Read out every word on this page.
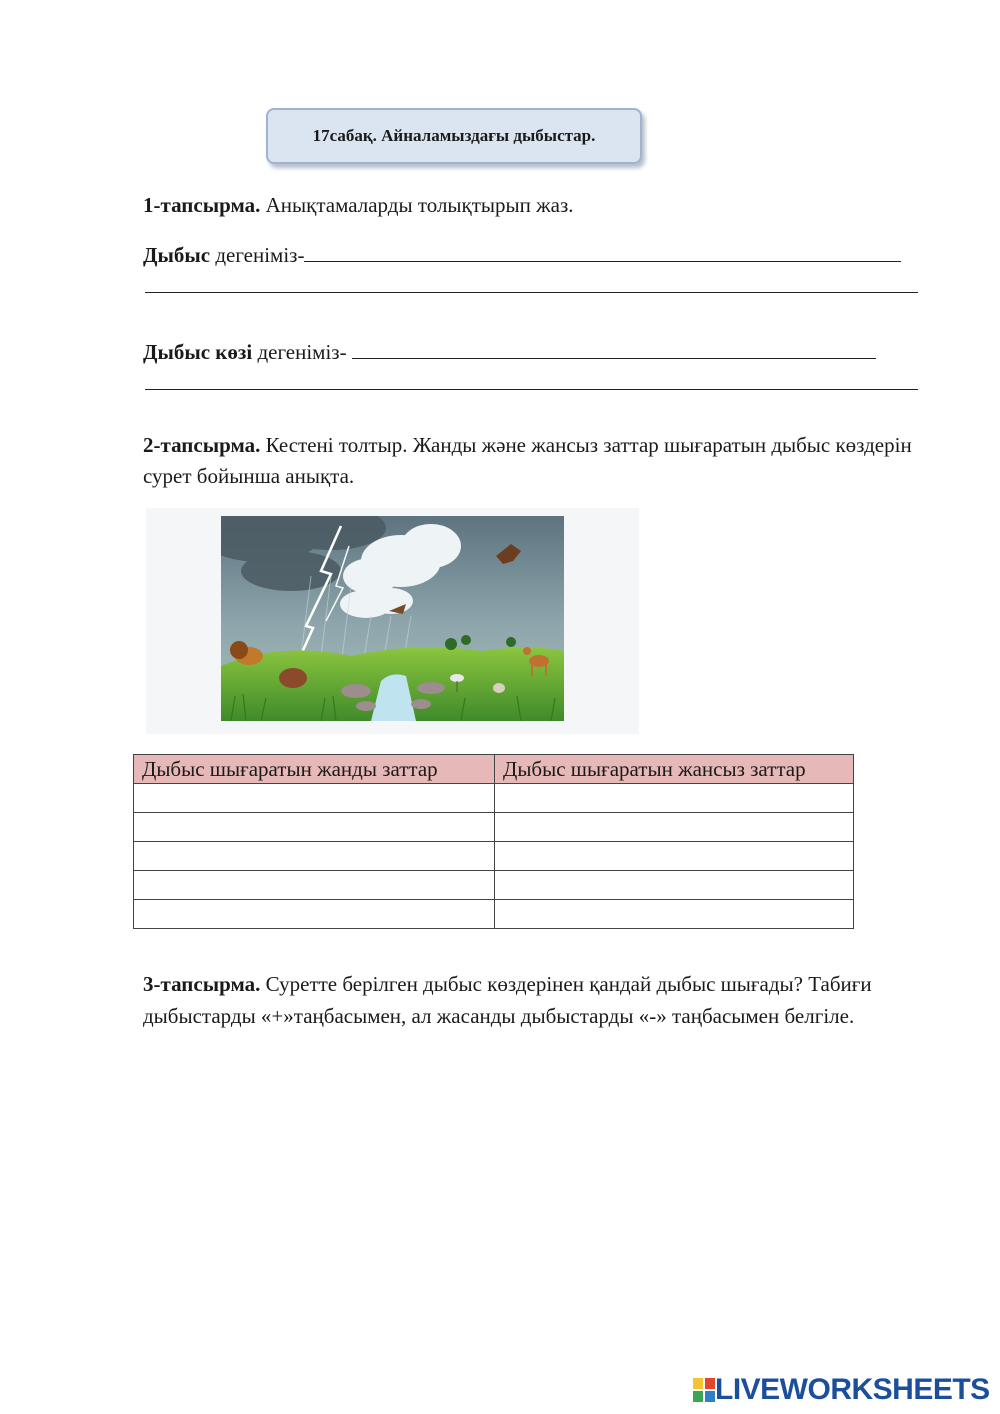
17сабақ. Айналамыздағы дыбыстар.
1-тапсырма. Анықтамаларды толықтырып жаз.
Дыбыс дегеніміз-
Дыбыс көзі дегеніміз-
2-тапсырма. Кестені толтыр. Жанды және жансыз заттар шығаратын дыбыс көздерін сурет бойынша анықта.
Дыбыс шығаратын жанды заттар	Дыбыс шығаратын жансыз заттар

3-тапсырма. Суретте берілген дыбыс көздерінен қандай дыбыс шығады? Табиғи дыбыстарды «+»таңбасымен, ал жасанды дыбыстарды «-» таңбасымен белгіле.
LIVEWORKSHEETS
